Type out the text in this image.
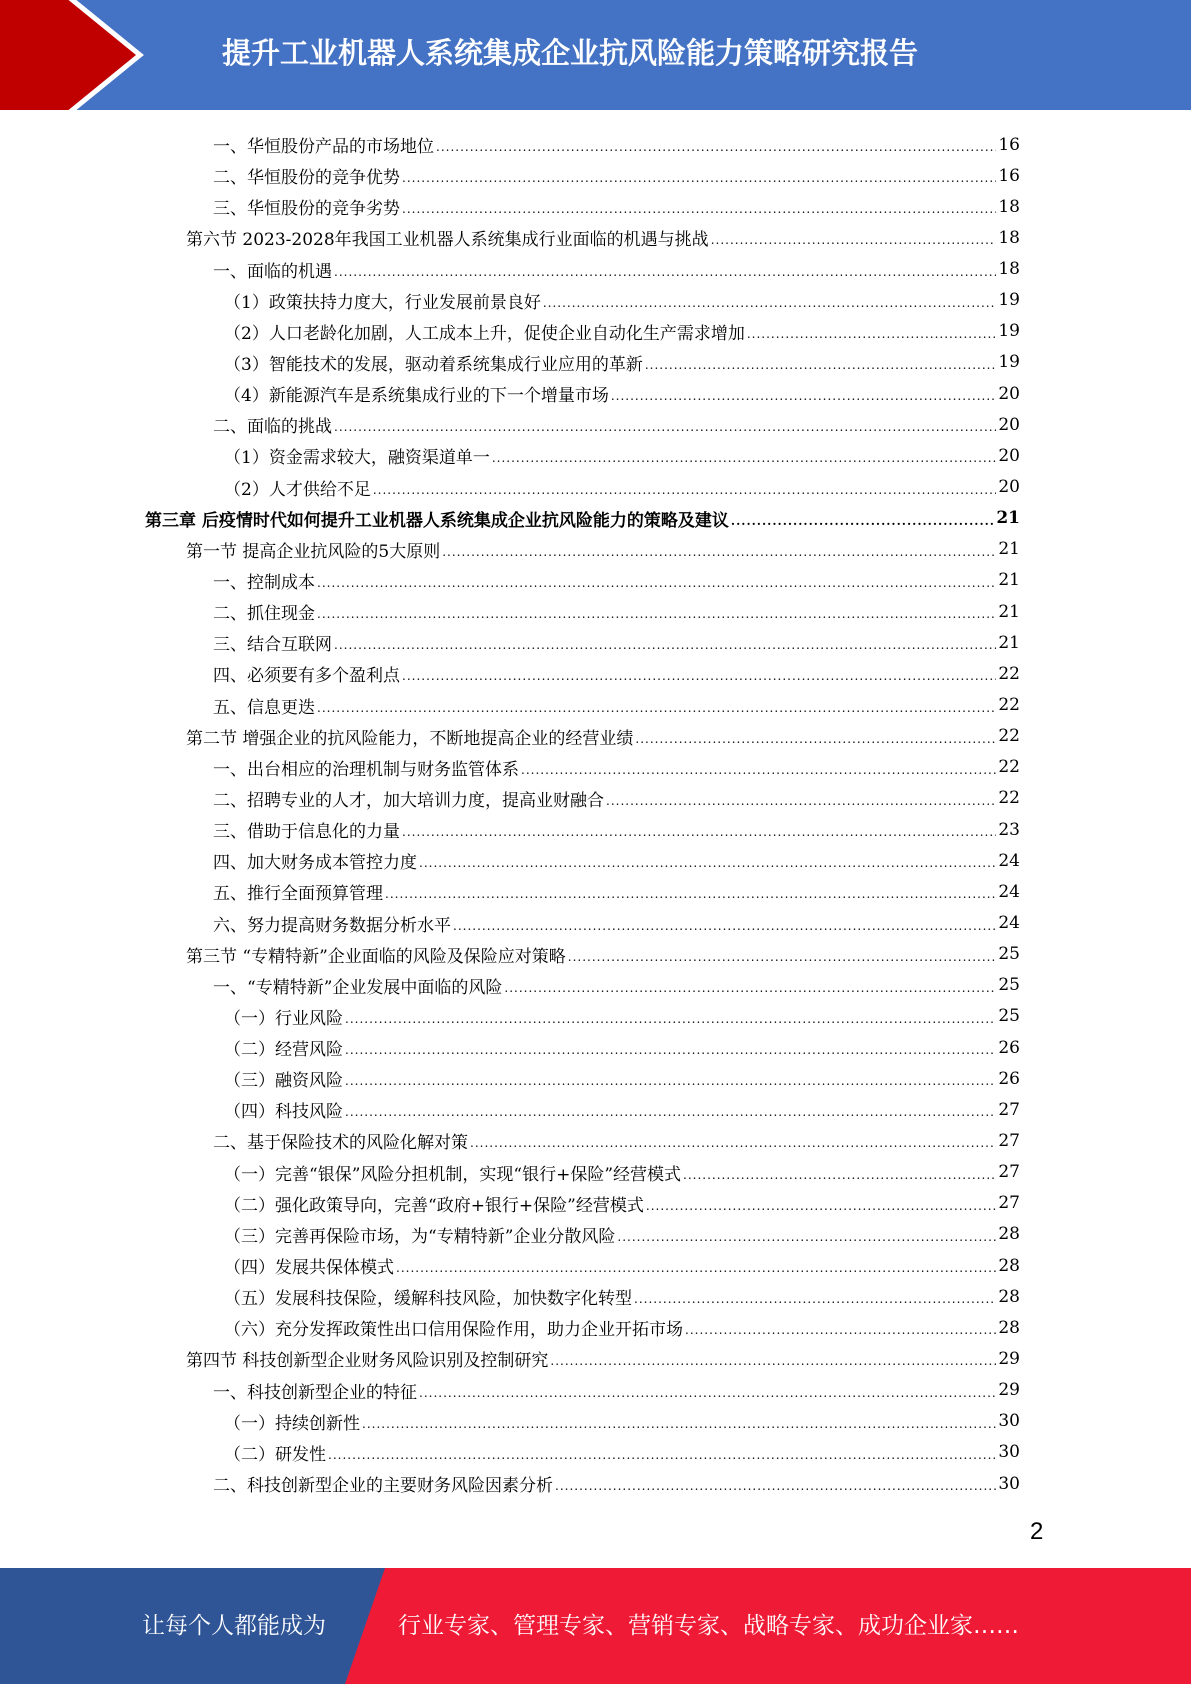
提升工业机器人系统集成企业抗风险能力策略研究报告
一、华恒股份产品的市场地位 .....	16
二、华恒股份的竞争优势 .....	16
三、华恒股份的竞争劣势 .....	18
第六节 2023-2028年我国工业机器人系统集成行业面临的机遇与挑战 .....	18
一、面临的机遇 .....	18
（1）政策扶持力度大，行业发展前景良好 .....	19
（2）人口老龄化加剧，人工成本上升，促使企业自动化生产需求增加 .....	19
（3）智能技术的发展，驱动着系统集成行业应用的革新 .....	19
（4）新能源汽车是系统集成行业的下一个增量市场 .....	20
二、面临的挑战 .....	20
（1）资金需求较大，融资渠道单一 .....	20
（2）人才供给不足 .....	20
第三章 后疫情时代如何提升工业机器人系统集成企业抗风险能力的策略及建议 .....	21
第一节 提高企业抗风险的5大原则 .....	21
一、控制成本 .....	21
二、抓住现金 .....	21
三、结合互联网 .....	21
四、必须要有多个盈利点 .....	22
五、信息更迭 .....	22
第二节 增强企业的抗风险能力，不断地提高企业的经营业绩 .....	22
一、出台相应的治理机制与财务监管体系 .....	22
二、招聘专业的人才，加大培训力度，提高业财融合 .....	22
三、借助于信息化的力量 .....	23
四、加大财务成本管控力度 .....	24
五、推行全面预算管理 .....	24
六、努力提高财务数据分析水平 .....	24
第三节 “专精特新”企业面临的风险及保险应对策略 .....	25
一、“专精特新”企业发展中面临的风险 .....	25
（一）行业风险 .....	25
（二）经营风险 .....	26
（三）融资风险 .....	26
（四）科技风险 .....	27
二、基于保险技术的风险化解对策 .....	27
（一）完善“银保”风险分担机制，实现“银行+保险”经营模式 .....	27
（二）强化政策导向，完善“政府+银行+保险”经营模式 .....	27
（三）完善再保险市场，为“专精特新”企业分散风险 .....	28
（四）发展共保体模式 .....	28
（五）发展科技保险，缓解科技风险，加快数字化转型 .....	28
（六）充分发挥政策性出口信用保险作用，助力企业开拓市场 .....	28
第四节 科技创新型企业财务风险识别及控制研究 .....	29
一、科技创新型企业的特征 .....	29
（一）持续创新性 .....	30
（二）研发性 .....	30
二、科技创新型企业的主要财务风险因素分析 .....	30
2
让每个人都能成为	行业专家、管理专家、营销专家、战略专家、成功企业家……
